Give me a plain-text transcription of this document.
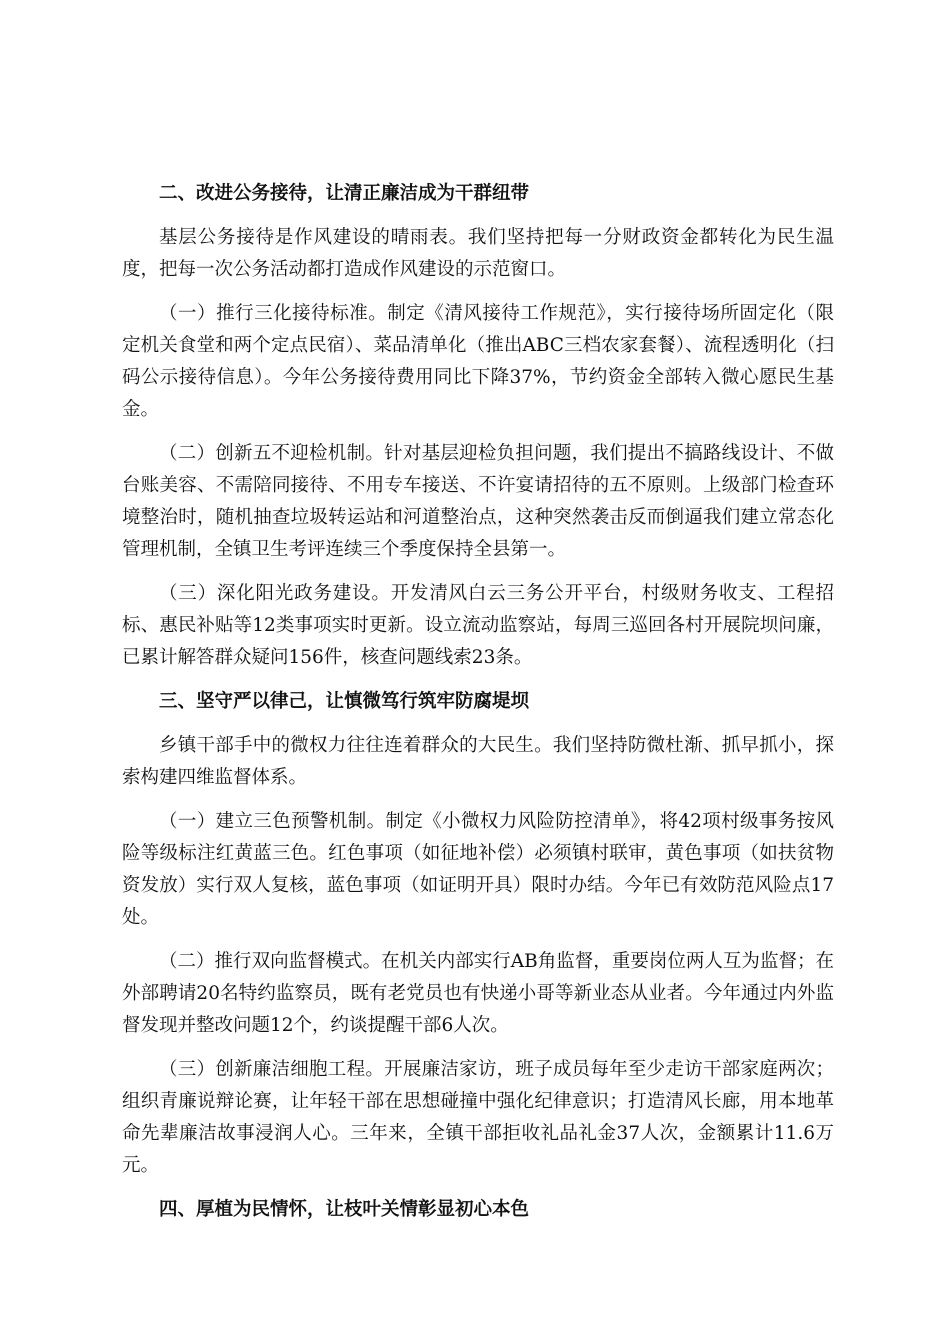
二、改进公务接待，让清正廉洁成为干群纽带

基层公务接待是作风建设的晴雨表。我们坚持把每一分财政资金都转化为民生温度，把每一次公务活动都打造成作风建设的示范窗口。

（一）推行三化接待标准。制定《清风接待工作规范》，实行接待场所固定化（限定机关食堂和两个定点民宿）、菜品清单化（推出ABC三档农家套餐）、流程透明化（扫码公示接待信息）。今年公务接待费用同比下降37%，节约资金全部转入微心愿民生基金。

（二）创新五不迎检机制。针对基层迎检负担问题，我们提出不搞路线设计、不做台账美容、不需陪同接待、不用专车接送、不许宴请招待的五不原则。上级部门检查环境整治时，随机抽查垃圾转运站和河道整治点，这种突然袭击反而倒逼我们建立常态化管理机制，全镇卫生考评连续三个季度保持全县第一。

（三）深化阳光政务建设。开发清风白云三务公开平台，村级财务收支、工程招标、惠民补贴等12类事项实时更新。设立流动监察站，每周三巡回各村开展院坝问廉，已累计解答群众疑问156件，核查问题线索23条。

三、坚守严以律己，让慎微笃行筑牢防腐堤坝

乡镇干部手中的微权力往往连着群众的大民生。我们坚持防微杜渐、抓早抓小，探索构建四维监督体系。

（一）建立三色预警机制。制定《小微权力风险防控清单》，将42项村级事务按风险等级标注红黄蓝三色。红色事项（如征地补偿）必须镇村联审，黄色事项（如扶贫物资发放）实行双人复核，蓝色事项（如证明开具）限时办结。今年已有效防范风险点17处。

（二）推行双向监督模式。在机关内部实行AB角监督，重要岗位两人互为监督；在外部聘请20名特约监察员，既有老党员也有快递小哥等新业态从业者。今年通过内外监督发现并整改问题12个，约谈提醒干部6人次。

（三）创新廉洁细胞工程。开展廉洁家访，班子成员每年至少走访干部家庭两次；组织青廉说辩论赛，让年轻干部在思想碰撞中强化纪律意识；打造清风长廊，用本地革命先辈廉洁故事浸润人心。三年来，全镇干部拒收礼品礼金37人次，金额累计11.6万元。

四、厚植为民情怀，让枝叶关情彰显初心本色
